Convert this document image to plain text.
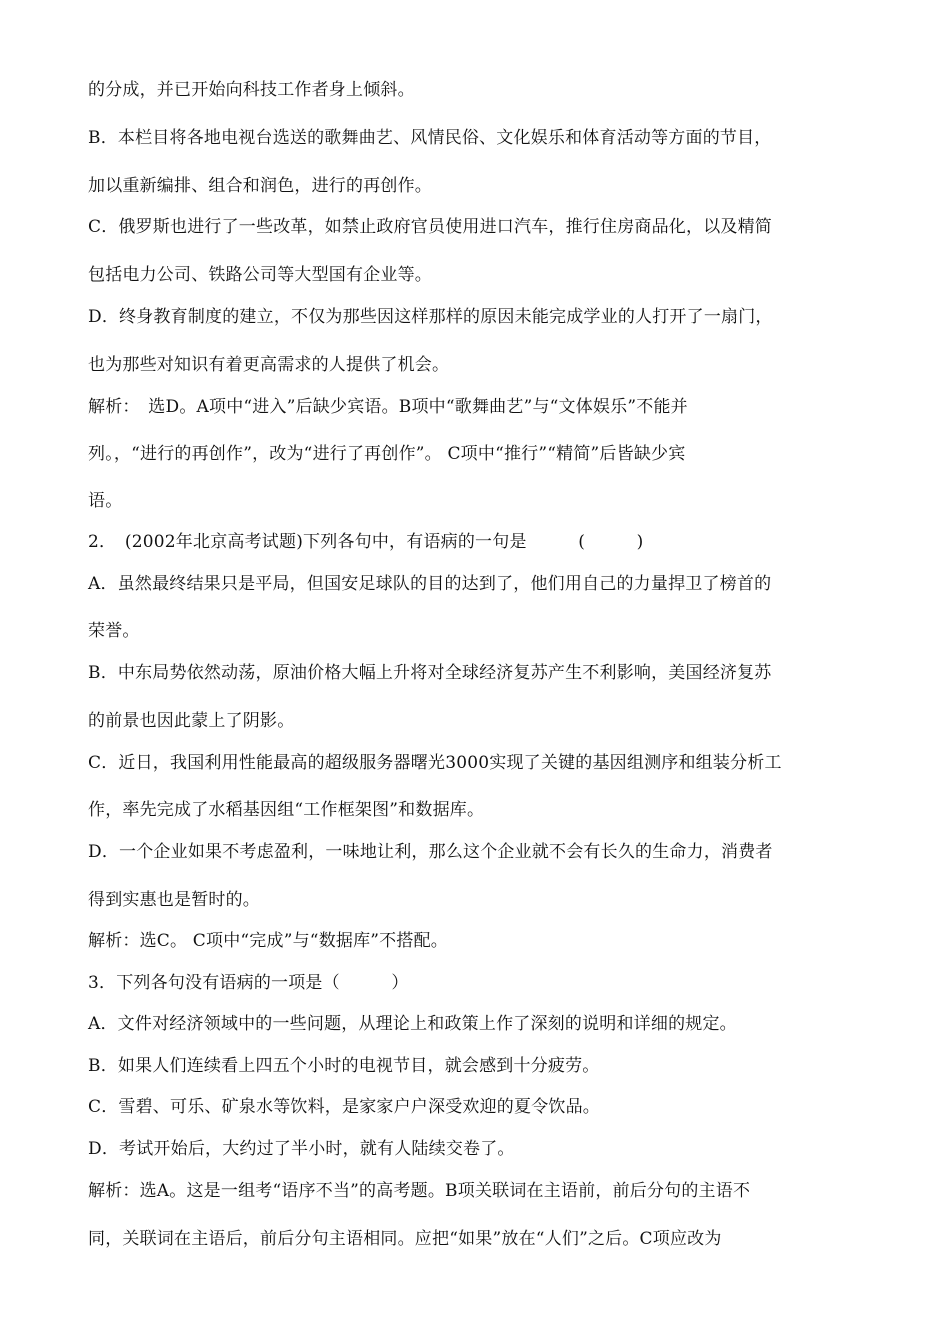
的分成，并已开始向科技工作者身上倾斜。
B．本栏目将各地电视台选送的歌舞曲艺、风情民俗、文化娱乐和体育活动等方面的节目，
加以重新编排、组合和润色，进行的再创作。
C．俄罗斯也进行了一些改革，如禁止政府官员使用进口汽车，推行住房商品化，以及精简
包括电力公司、铁路公司等大型国有企业等。
D．终身教育制度的建立，不仅为那些因这样那样的原因未能完成学业的人打开了一扇门，
也为那些对知识有着更高需求的人提供了机会。
解析：　选D。A项中“进入”后缺少宾语。B项中“歌舞曲艺”与“文体娱乐”不能并
列。，“进行的再创作”，改为“进行了再创作”。 C项中“推行”“精简”后皆缺少宾
语。
2．　(2002年北京高考试题)下列各句中，有语病的一句是　　　(　　　)
A．虽然最终结果只是平局，但国安足球队的目的达到了，他们用自己的力量捍卫了榜首的
荣誉。
B．中东局势依然动荡，原油价格大幅上升将对全球经济复苏产生不利影响，美国经济复苏
的前景也因此蒙上了阴影。
C．近日，我国利用性能最高的超级服务器曙光3000实现了关键的基因组测序和组装分析工
作，率先完成了水稻基因组“工作框架图”和数据库。
D．一个企业如果不考虑盈利，一味地让利，那么这个企业就不会有长久的生命力，消费者
得到实惠也是暂时的。
解析：选C。 C项中“完成”与“数据库”不搭配。
3．下列各句没有语病的一项是（　　　）
A．文件对经济领域中的一些问题，从理论上和政策上作了深刻的说明和详细的规定。
B．如果人们连续看上四五个小时的电视节目，就会感到十分疲劳。
C．雪碧、可乐、矿泉水等饮料，是家家户户深受欢迎的夏令饮品。
D．考试开始后，大约过了半小时，就有人陆续交卷了。
解析：选A。这是一组考“语序不当”的高考题。B项关联词在主语前，前后分句的主语不
同，关联词在主语后，前后分句主语相同。应把“如果”放在“人们”之后。C项应改为
